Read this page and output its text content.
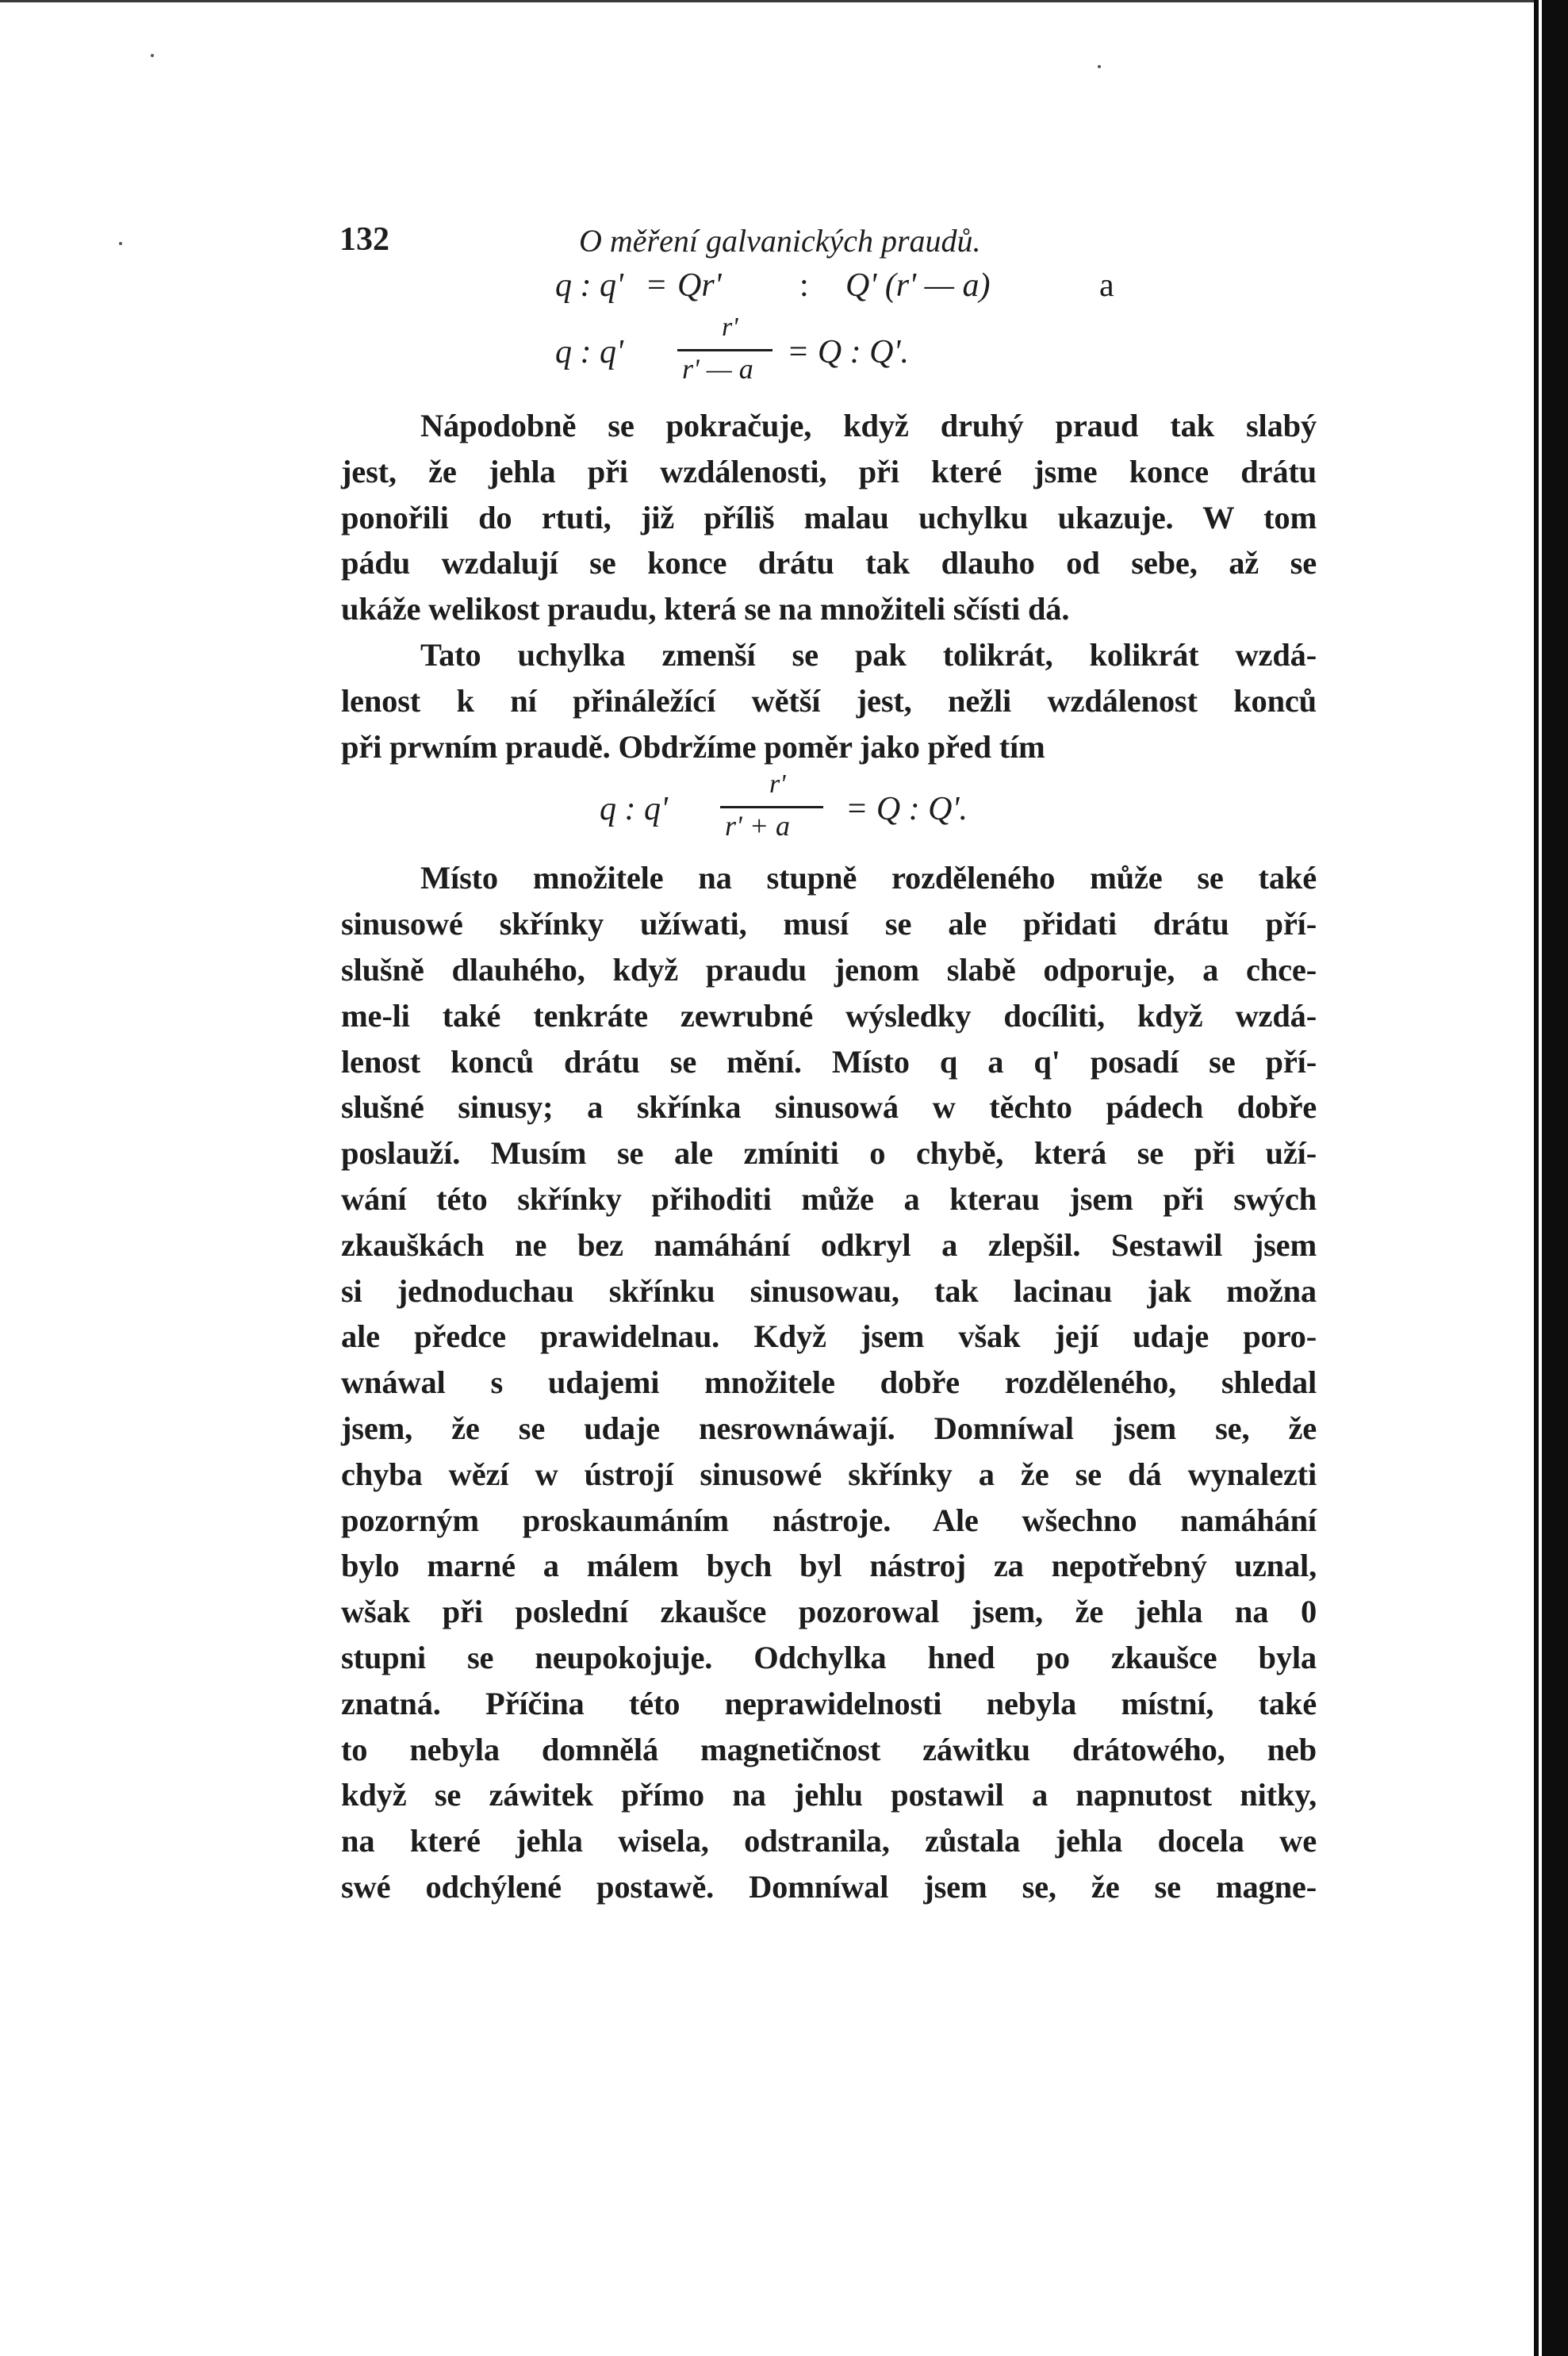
132	O měření galvanických praudů.
q : q' = Qr' : Q' (r' — a)	a
q : q'
r'
r' — a = Q : Q'.

Nápodobně se pokračuje, když druhý praud tak slabý
jest, že jehla při wzdálenosti, při které jsme konce drátu
ponořili do rtuti, již příliš malau uchylku ukazuje. W tom
pádu wzdalují se konce drátu tak dlauho od sebe, až se
ukáže welikost praudu, která se na množiteli sčísti dá.

Tato uchylka zmenší se pak tolikrát, kolikrát wzdá-
lenost k ní přináležící wětší jest, nežli wzdálenost konců
při prwním praudě. Obdržíme poměr jako před tím

q : q'
r'
r' + a = Q : Q'.

Místo množitele na stupně rozděleného může se také
sinusowé skřínky užíwati, musí se ale přidati drátu pří-
slušně dlauhého, když praudu jenom slabě odporuje, a chce-
me-li také tenkráte zewrubné wýsledky docíliti, když wzdá-
lenost konců drátu se mění. Místo q a q' posadí se pří-
slušné sinusy; a skřínka sinusowá w těchto pádech dobře
poslauží. Musím se ale zmíniti o chybě, která se při uží-
wání této skřínky přihoditi může a kterau jsem při swých
zkauškách ne bez namáhání odkryl a zlepšil. Sestawil jsem
si jednoduchau skřínku sinusowau, tak lacinau jak možna
ale předce prawidelnau. Když jsem však její udaje poro-
wnáwal s udajemi množitele dobře rozděleného, shledal
jsem, že se udaje nesrownáwají. Domníwal jsem se, že
chyba wězí w ústrojí sinusowé skřínky a že se dá wynalezti
pozorným proskaumáním nástroje. Ale wšechno namáhání
bylo marné a málem bych byl nástroj za nepotřebný uznal,
wšak při poslední zkaušce pozorowal jsem, že jehla na 0
stupni se neupokojuje. Odchylka hned po zkaušce byla
znatná. Příčina této neprawidelnosti nebyla místní, také
to nebyla domnělá magnetičnost záwitku drátowého, neb
když se záwitek přímo na jehlu postawil a napnutost nitky,
na které jehla wisela, odstranila, zůstala jehla docela we
swé odchýlené postawě. Domníwal jsem se, že se magne-
